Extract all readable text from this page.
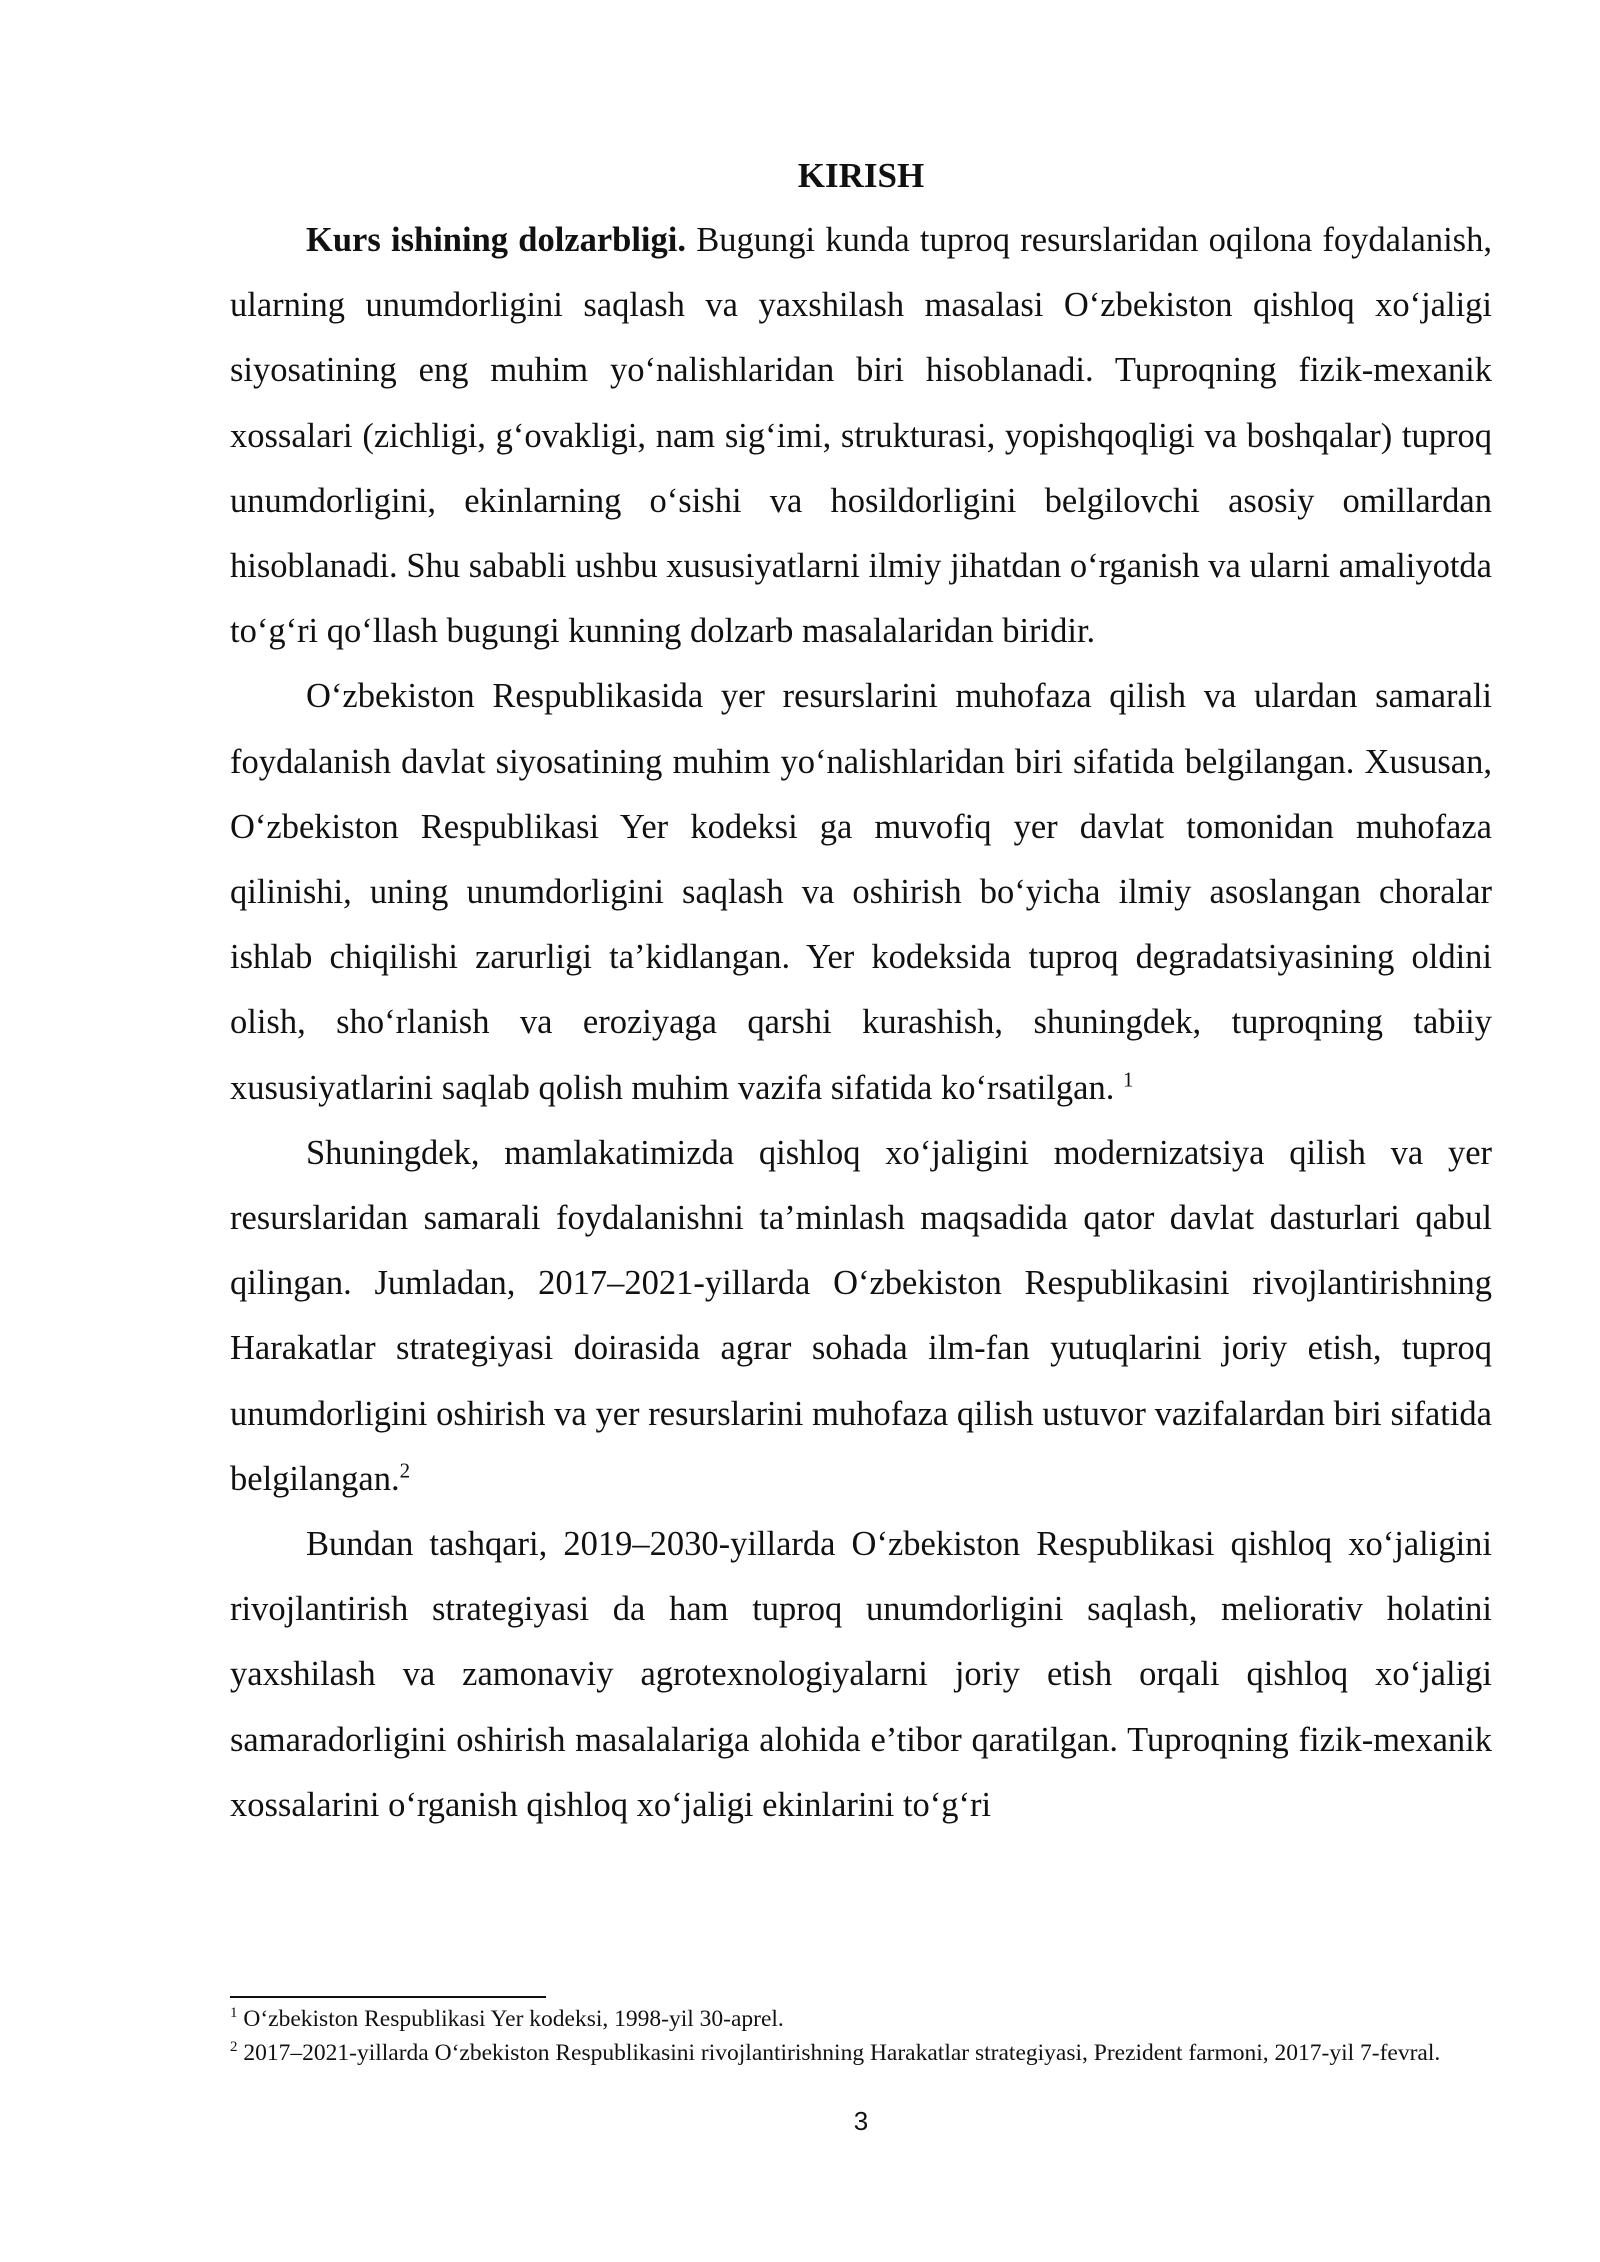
KIRISH

Kurs ishining dolzarbligi. Bugungi kunda tuproq resurslaridan oqilona foydalanish, ularning unumdorligini saqlash va yaxshilash masalasi O‘zbekiston qishloq xo‘jaligi siyosatining eng muhim yo‘nalishlaridan biri hisoblanadi. Tuproqning fizik-mexanik xossalari (zichligi, g‘ovakligi, nam sig‘imi, strukturasi, yopishqoqligi va boshqalar) tuproq unumdorligini, ekinlarning o‘sishi va hosildorligini belgilovchi asosiy omillardan hisoblanadi. Shu sababli ushbu xususiyatlarni ilmiy jihatdan o‘rganish va ularni amaliyotda to‘g‘ri qo‘llash bugungi kunning dolzarb masalalaridan biridir.

O‘zbekiston Respublikasida yer resurslarini muhofaza qilish va ulardan samarali foydalanish davlat siyosatining muhim yo‘nalishlaridan biri sifatida belgilangan. Xususan, O‘zbekiston Respublikasi Yer kodeksi ga muvofiq yer davlat tomonidan muhofaza qilinishi, uning unumdorligini saqlash va oshirish bo‘yicha ilmiy asoslangan choralar ishlab chiqilishi zarurligi ta’kidlangan. Yer kodeksida tuproq degradatsiyasining oldini olish, sho‘rlanish va eroziyaga qarshi kurashish, shuningdek, tuproqning tabiiy xususiyatlarini saqlab qolish muhim vazifa sifatida ko‘rsatilgan. $^1$

Shuningdek, mamlakatimizda qishloq xo‘jaligini modernizatsiya qilish va yer resurslaridan samarali foydalanishni ta’minlash maqsadida qator davlat dasturlari qabul qilingan. Jumladan, 2017–2021-yillarda O‘zbekiston Respublikasini rivojlantirishning Harakatlar strategiyasi doirasida agrar sohada ilm-fan yutuqlarini joriy etish, tuproq unumdorligini oshirish va yer resurslarini muhofaza qilish ustuvor vazifalardan biri sifatida belgilangan.$^2$

Bundan tashqari, 2019–2030-yillarda O‘zbekiston Respublikasi qishloq xo‘jaligini rivojlantirish strategiyasi da ham tuproq unumdorligini saqlash, meliorativ holatini yaxshilash va zamonaviy agrotexnologiyalarni joriy etish orqali qishloq xo‘jaligi samaradorligini oshirish masalalariga alohida e’tibor qaratilgan. Tuproqning fizik-mexanik xossalarini o‘rganish qishloq xo‘jaligi ekinlarini to‘g‘ri

$^1$ O‘zbekiston Respublikasi Yer kodeksi, 1998-yil 30-aprel.

$^2$ 2017–2021-yillarda O‘zbekiston Respublikasini rivojlantirishning Harakatlar strategiyasi, Prezident farmoni, 2017-yil 7-fevral.

3
